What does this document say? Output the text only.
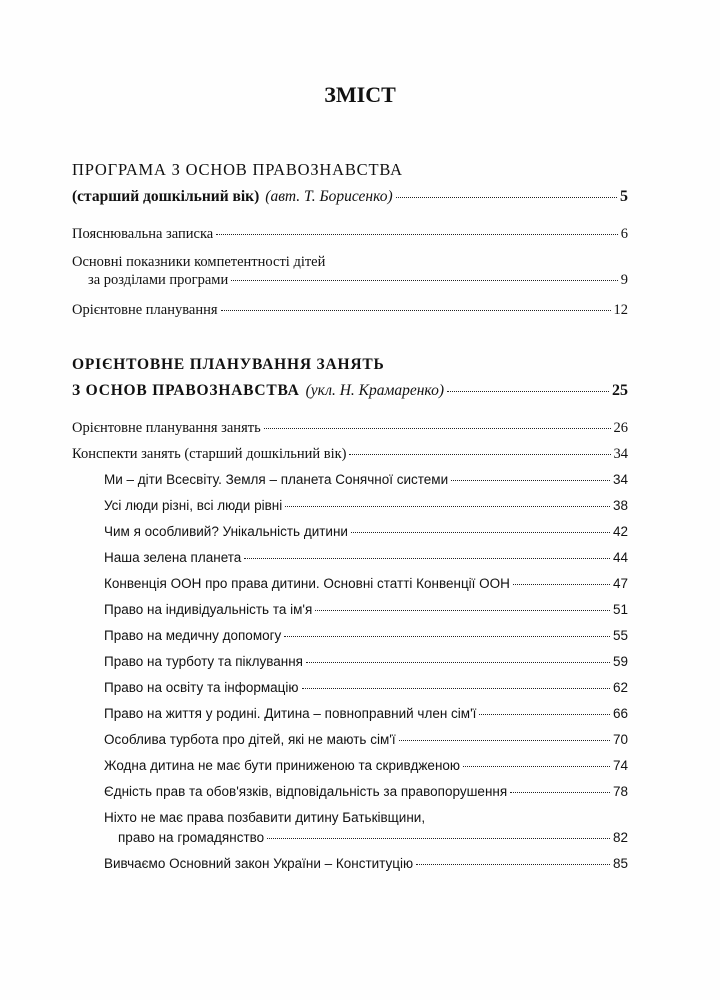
ЗМІСТ
ПРОГРАМА З ОСНОВ ПРАВОЗНАВСТВА
(старший дошкільний вік) (авт. Т. Борисенко)	5
Пояснювальна записка	6
Основні показники компетентності дітей
за розділами програми	9
Орієнтовне планування	12
ОРІЄНТОВНЕ ПЛАНУВАННЯ ЗАНЯТЬ
З ОСНОВ ПРАВОЗНАВСТВА (укл. Н. Крамаренко)	25
Орієнтовне планування занять	26
Конспекти занять (старший дошкільний вік)	34
Ми – діти Всесвіту. Земля – планета Сонячної системи	34
Усі люди різні, всі люди рівні	38
Чим я особливий? Унікальність дитини	42
Наша зелена планета	44
Конвенція ООН про права дитини. Основні статті Конвенції ООН	47
Право на індивідуальність та ім'я	51
Право на медичну допомогу	55
Право на турботу та піклування	59
Право на освіту та інформацію	62
Право на життя у родині. Дитина – повноправний член сім'ї	66
Особлива турбота про дітей, які не мають сім'ї	70
Жодна дитина не має бути приниженою та скривдженою	74
Єдність прав та обов'язків, відповідальність за правопорушення	78
Ніхто не має права позбавити дитину Батьківщини,
право на громадянство	82
Вивчаємо Основний закон України – Конституцію	85
